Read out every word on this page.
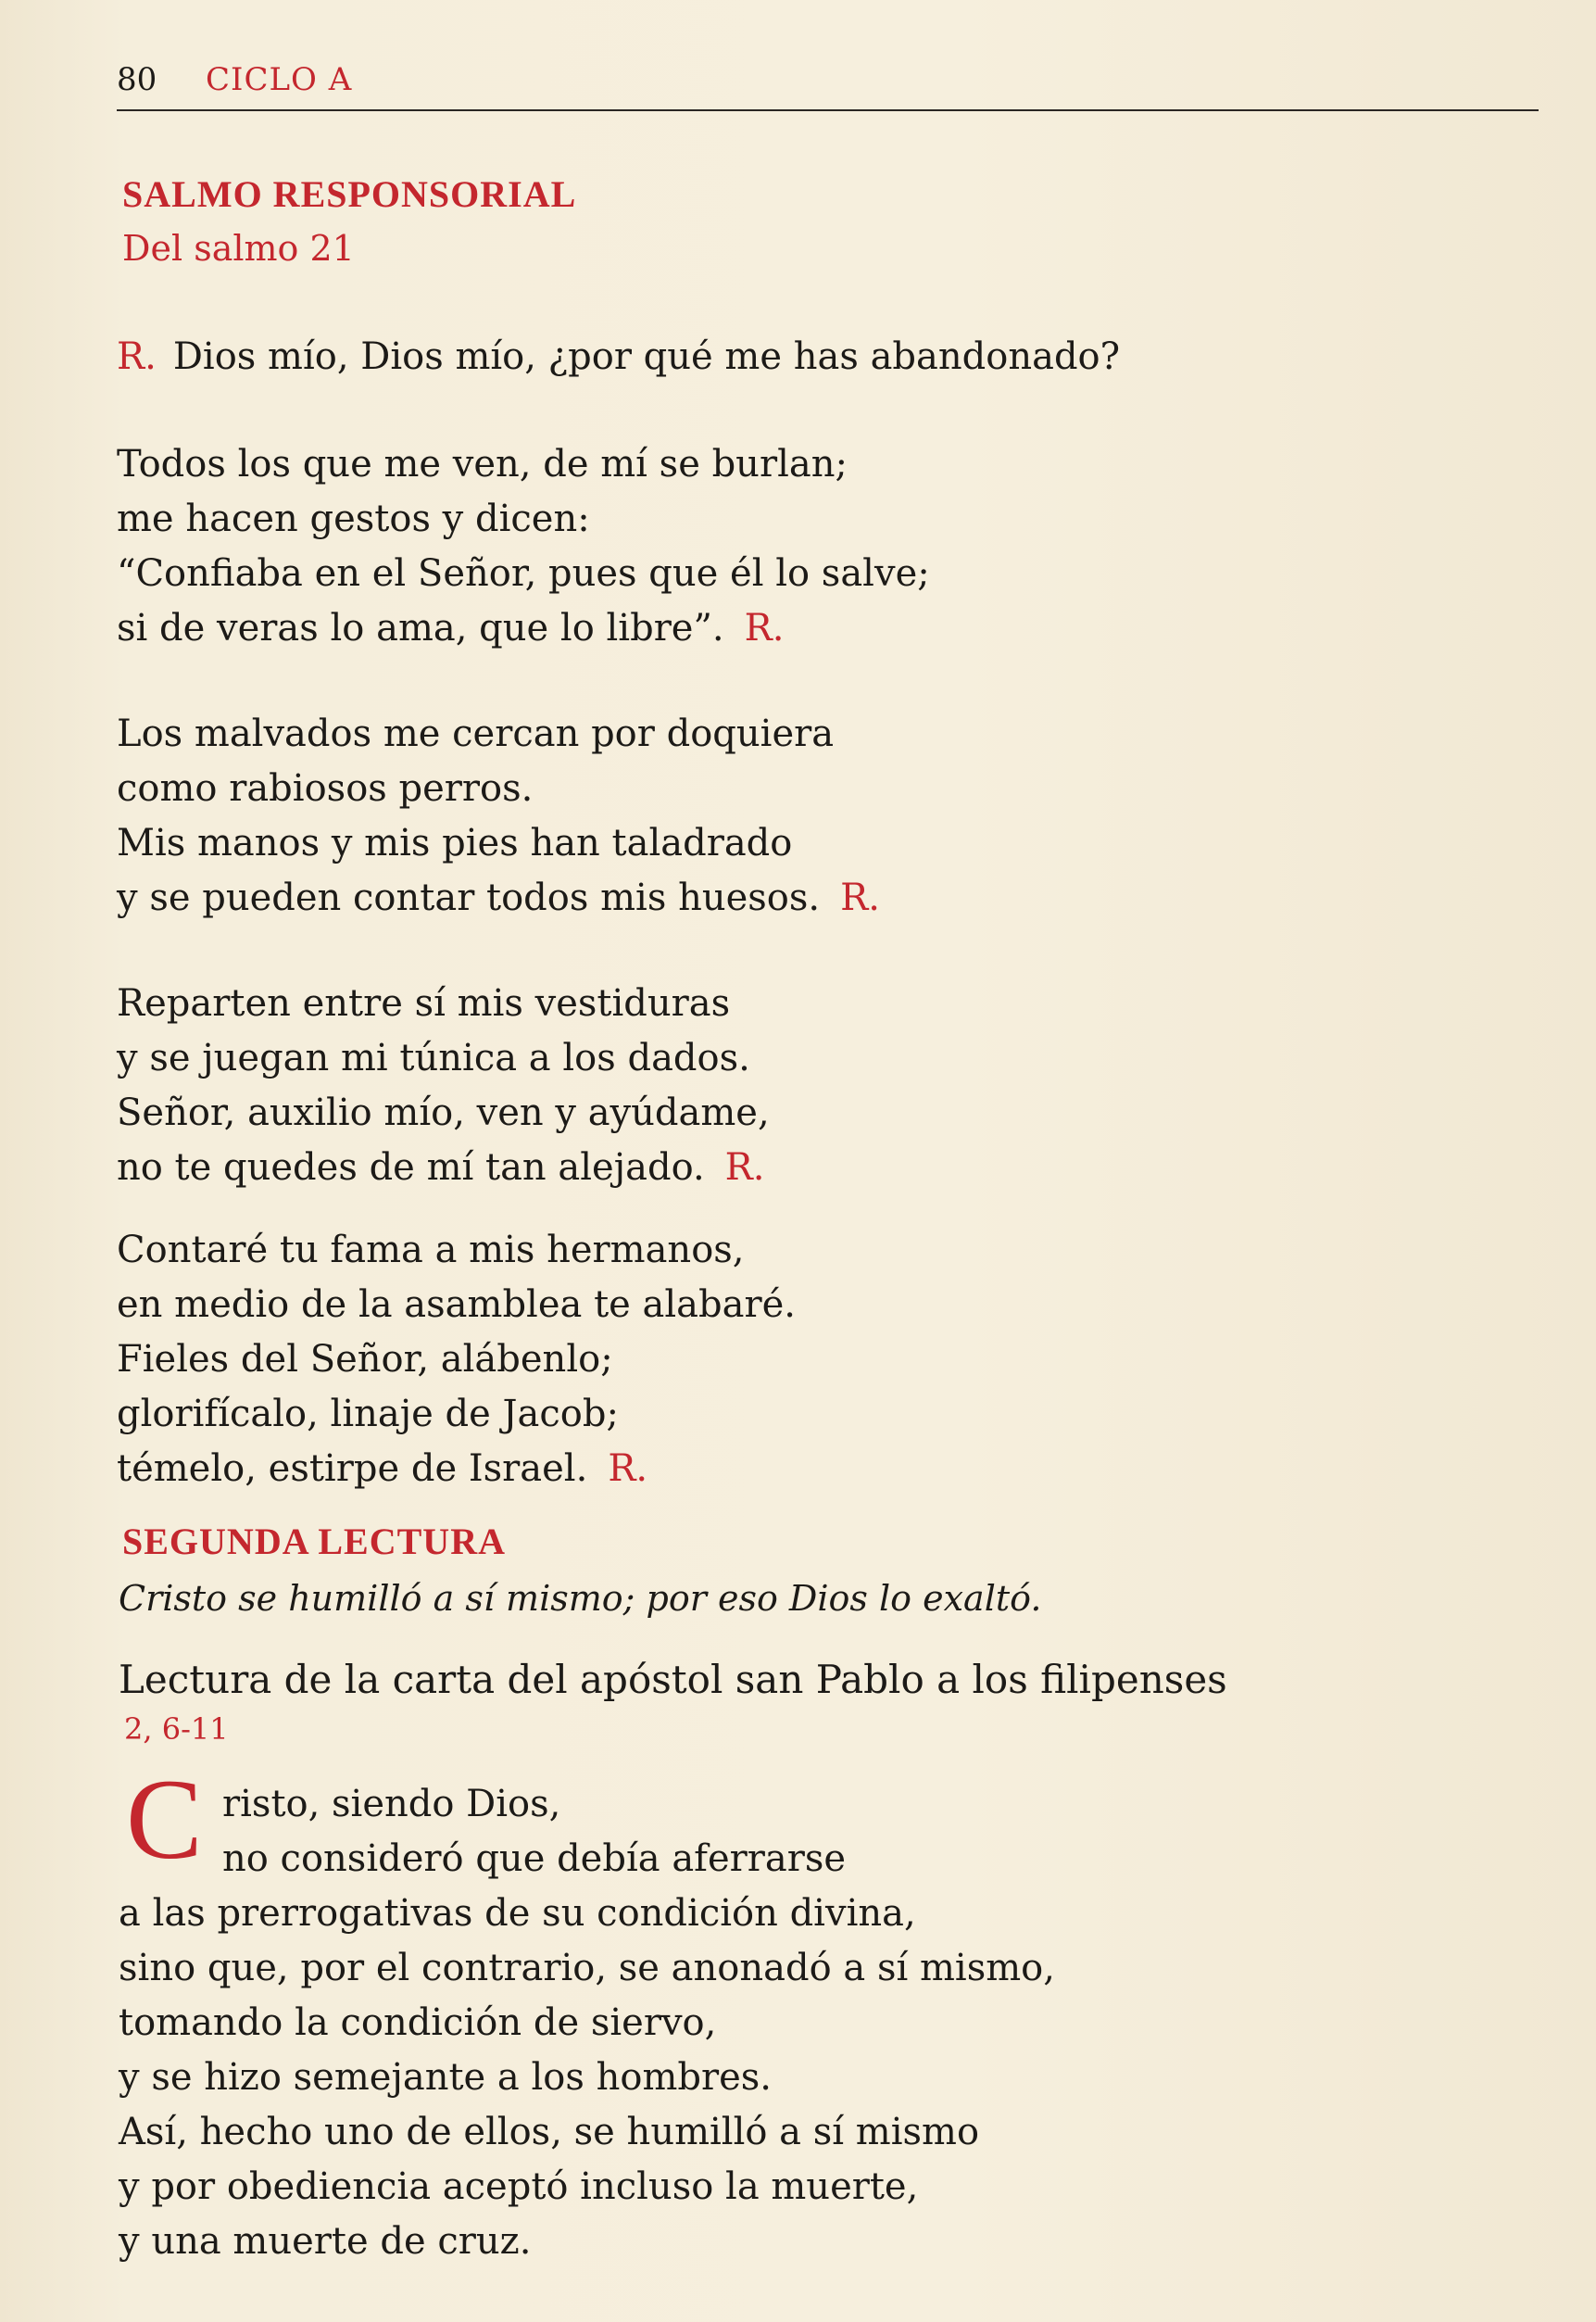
80 CICLO A
SALMO RESPONSORIAL
Del salmo 21
R. Dios mío, Dios mío, ¿por qué me has abandonado?
Todos los que me ven, de mí se burlan;
me hacen gestos y dicen:
“Confiaba en el Señor, pues que él lo salve;
si de veras lo ama, que lo libre”. R.
Los malvados me cercan por doquiera
como rabiosos perros.
Mis manos y mis pies han taladrado
y se pueden contar todos mis huesos. R.
Reparten entre sí mis vestiduras
y se juegan mi túnica a los dados.
Señor, auxilio mío, ven y ayúdame,
no te quedes de mí tan alejado. R.
Contaré tu fama a mis hermanos,
en medio de la asamblea te alabaré.
Fieles del Señor, alábenlo;
glorifícalo, linaje de Jacob;
témelo, estirpe de Israel. R.
SEGUNDA LECTURA
Cristo se humilló a sí mismo; por eso Dios lo exaltó.
Lectura de la carta del apóstol san Pablo a los filipenses
2, 6-11
C risto, siendo Dios,
no consideró que debía aferrarse
a las prerrogativas de su condición divina,
sino que, por el contrario, se anonadó a sí mismo,
tomando la condición de siervo,
y se hizo semejante a los hombres.
Así, hecho uno de ellos, se humilló a sí mismo
y por obediencia aceptó incluso la muerte,
y una muerte de cruz.
